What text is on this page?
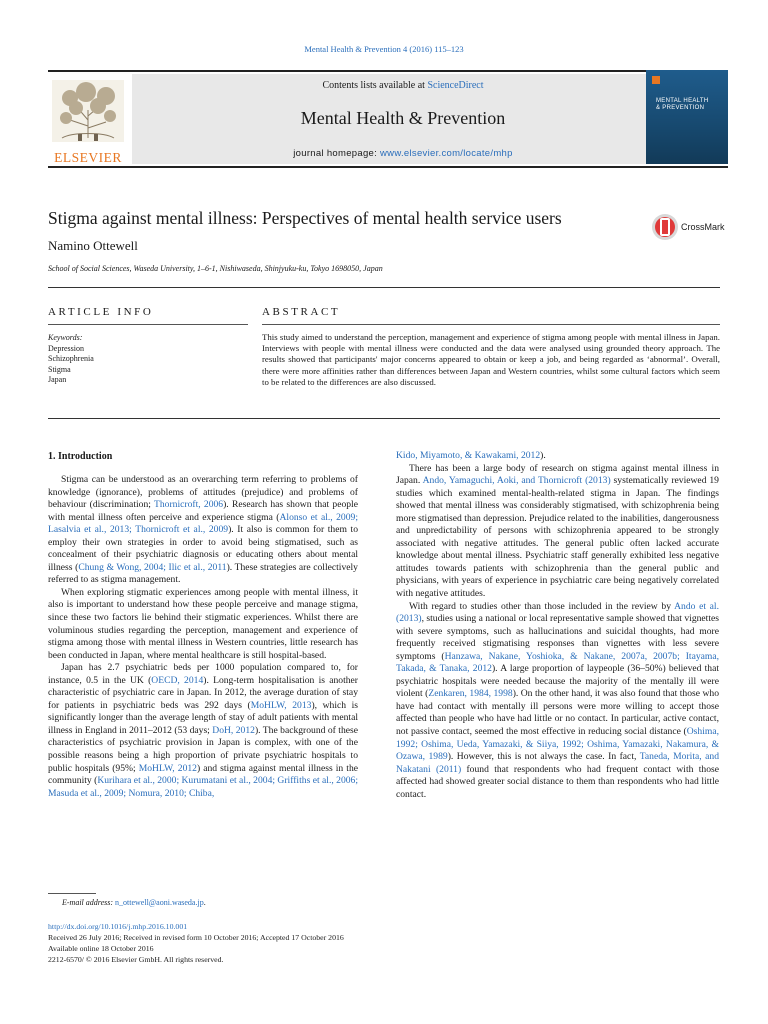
Mental Health & Prevention 4 (2016) 115–123
ELSEVIER
Contents lists available at ScienceDirect
Mental Health & Prevention
journal homepage: www.elsevier.com/locate/mhp
MENTAL HEALTH
& PREVENTION
Stigma against mental illness: Perspectives of mental health service users	CrossMark
Namino Ottewell
School of Social Sciences, Waseda University, 1–6-1, Nishiwaseda, Shinjyuku-ku, Tokyo 1698050, Japan
ARTICLE INFO	ABSTRACT
Keywords:
Depression
Schizophrenia
Stigma
Japan
This study aimed to understand the perception, management and experience of stigma among people with mental illness in Japan. Interviews with people with mental illness were conducted and the data were analysed using grounded theory approach. The results showed that participants' major concerns appeared to obtain or keep a job, and being regarded as ‘abnormal’. Overall, there were more affinities rather than differences between Japan and Western countries, whilst some cultural factors which seem to be related to the differences are also discussed.
1. Introduction

Stigma can be understood as an overarching term referring to problems of knowledge (ignorance), problems of attitudes (prejudice) and problems of behaviour (discrimination; Thornicroft, 2006). Research has shown that people with mental illness often perceive and experience stigma (Alonso et al., 2009; Lasalvia et al., 2013; Thornicroft et al., 2009). It also is common for them to employ their own strategies in order to avoid being stigmatised, such as concealment of their psychiatric diagnosis or educating others about mental illness (Chung & Wong, 2004; Ilic et al., 2011). These strategies are collectively referred to as stigma management.

When exploring stigmatic experiences among people with mental illness, it also is important to understand how these people perceive and manage stigma, since these two factors lie behind their stigmatic experiences. Whilst there are voluminous studies regarding the perception, management and experience of stigma among those with mental illness in Western countries, little research has been conducted in Japan, where mental healthcare is still hospital-based.

Japan has 2.7 psychiatric beds per 1000 population compared to, for instance, 0.5 in the UK (OECD, 2014). Long-term hospitalisation is another characteristic of psychiatric care in Japan. In 2012, the average duration of stay for patients in psychiatric beds was 292 days (MoHLW, 2013), which is significantly longer than the average length of stay of adult patients with mental illness in England in 2011–2012 (53 days; DoH, 2012). The background of these characteristics of psychiatric provision in Japan is complex, with one of the possible reasons being a high proportion of private psychiatric hospitals to public hospitals (95%; MoHLW, 2012) and stigma against mental illness in the community (Kurihara et al., 2000; Kurumatani et al., 2004; Griffiths et al., 2006; Masuda et al., 2009; Nomura, 2010; Chiba,

Kido, Miyamoto, & Kawakami, 2012).

There has been a large body of research on stigma against mental illness in Japan. Ando, Yamaguchi, Aoki, and Thornicroft (2013) systematically reviewed 19 studies which examined mental-health-related stigma in Japan. The findings showed that mental illness was considerably stigmatised, with schizophrenia being more stigmatised than depression. Prejudice related to the inabilities, dangerousness and unpredictability of persons with schizophrenia appeared to be strongly associated with negative attitudes. The general public often lacked accurate knowledge about mental illness. Psychiatric staff generally exhibited less negative attitudes towards patients with schizophrenia than the general public and physicians, with years of experience in psychiatric care being negatively correlated with negative attitudes.

With regard to studies other than those included in the review by Ando et al. (2013), studies using a national or local representative sample showed that vignettes with severe symptoms, such as hallucinations and suicidal thoughts, had more frequently received stigmatising responses than vignettes with less severe symptoms (Hanzawa, Nakane, Yoshioka, & Nakane, 2007a, 2007b; Itayama, Takada, & Tanaka, 2012). A large proportion of laypeople (36–50%) believed that psychiatric hospitals were needed because the majority of the mentally ill were violent (Zenkaren, 1984, 1998). On the other hand, it was also found that those who have had contact with mentally ill persons were more willing to accept those affected than people who have had little or no contact. In particular, active contact, not passive contact, seemed the most effective in reducing social distance (Oshima, 1992; Oshima, Ueda, Yamazaki, & Siiya, 1992; Oshima, Yamazaki, Nakamura, & Ozawa, 1989). However, this is not always the case. In fact, Taneda, Morita, and Nakatani (2011) found that respondents who had frequent contact with those affected had showed greater social distance to them than respondents who had little contact.

E-mail address: n_ottewell@aoni.waseda.jp.
http://dx.doi.org/10.1016/j.mhp.2016.10.001
Received 26 July 2016; Received in revised form 10 October 2016; Accepted 17 October 2016
Available online 18 October 2016
2212-6570/ © 2016 Elsevier GmbH. All rights reserved.
